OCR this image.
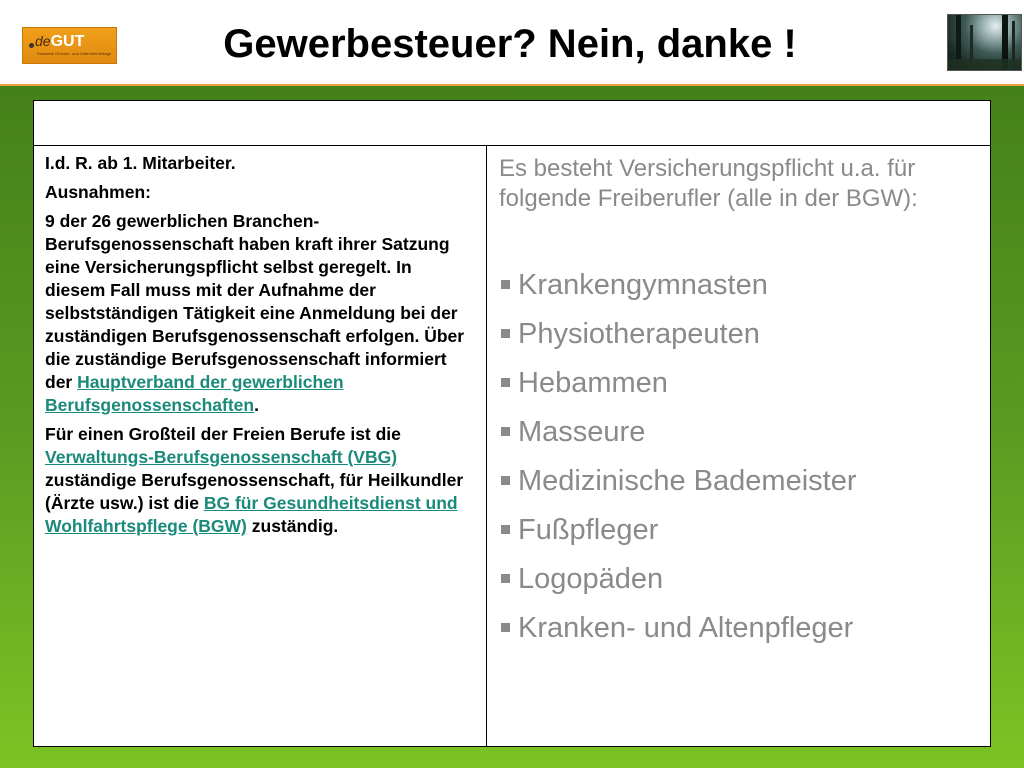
deGUT
Deutsche Gründer- und Unternehmertage	Gewerbesteuer? Nein, danke !

I.d. R. ab 1. Mitarbeiter.

Ausnahmen:

9 der 26 gewerblichen Branchen-Berufsgenossenschaft haben kraft ihrer Satzung eine Versicherungspflicht selbst geregelt. In diesem Fall muss mit der Aufnahme der selbstständigen Tätigkeit eine Anmeldung bei der zuständigen Berufsgenossenschaft erfolgen. Über die zuständige Berufsgenossenschaft informiert der Hauptverband der gewerblichen Berufsgenossenschaften.

Für einen Großteil der Freien Berufe ist die Verwaltungs-Berufsgenossenschaft (VBG) zuständige Berufsgenossenschaft, für Heilkundler (Ärzte usw.) ist die BG für Gesundheitsdienst und Wohlfahrtspflege (BGW) zuständig.

Es besteht Versicherungspflicht u.a. für folgende Freiberufler (alle in der BGW):

Krankengymnasten
Physiotherapeuten
Hebammen
Masseure
Medizinische Bademeister
Fußpfleger
Logopäden
Kranken- und Altenpfleger
